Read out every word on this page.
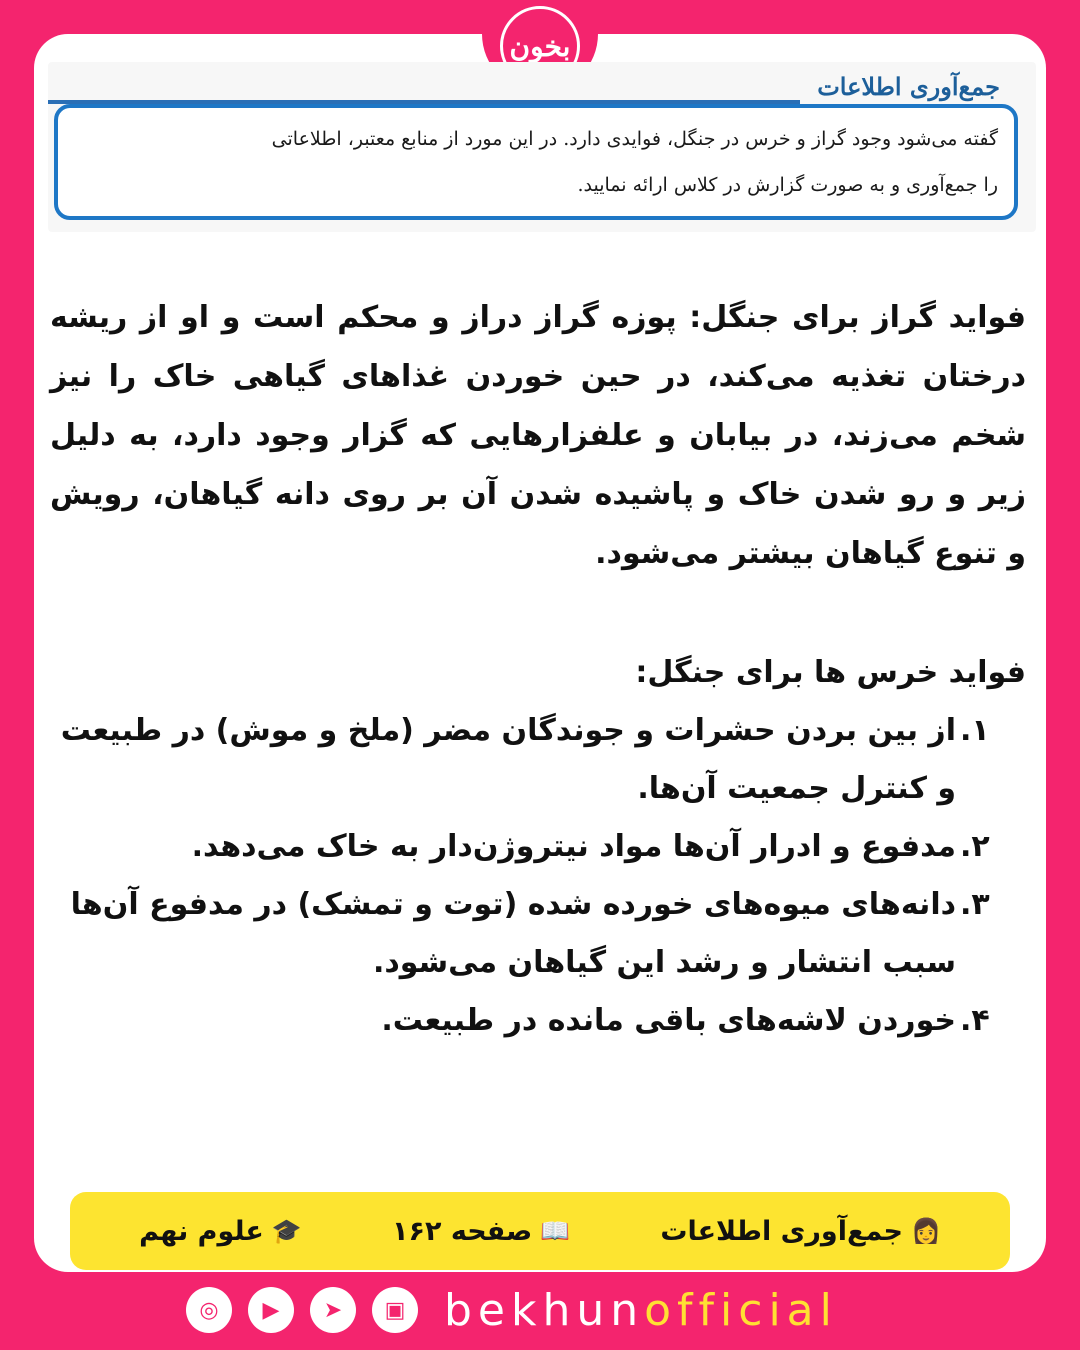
بخون
جمع‌آوری اطلاعات
گفته می‌شود وجود گراز و خرس در جنگل، فوایدی دارد. در این مورد از منابع معتبر، اطلاعاتی
را جمع‌آوری و به صورت گزارش در کلاس ارائه نمایید.

فواید گراز برای جنگل: پوزه گراز دراز و محکم است و او از ریشه درختان تغذیه می‌کند، در حین خوردن غذاهای گیاهی خاک را نیز شخم می‌زند، در بیابان و علفزارهایی که گزار وجود دارد، به دلیل زیر و رو شدن خاک و پاشیده شدن آن بر روی دانه گیاهان، رویش و تنوع گیاهان بیشتر می‌شود.

فواید خرس ها برای جنگل:

۱.
از بین بردن حشرات و جوندگان مضر (ملخ و موش) در طبیعت و کنترل جمعیت آن‌ها.
۲.
مدفوع و ادرار آن‌ها مواد نیتروژن‌دار به خاک می‌دهد.
۳.
دانه‌های میوه‌های خورده شده (توت و تمشک) در مدفوع آن‌ها سبب انتشار و رشد این گیاهان می‌شود.
۴.
خوردن لاشه‌های باقی مانده در طبیعت.
👩
جمع‌آوری اطلاعات
📖
صفحه ۱۶۲
🎓
علوم نهم
◎	▶	➤	▣ bekhunofficial
